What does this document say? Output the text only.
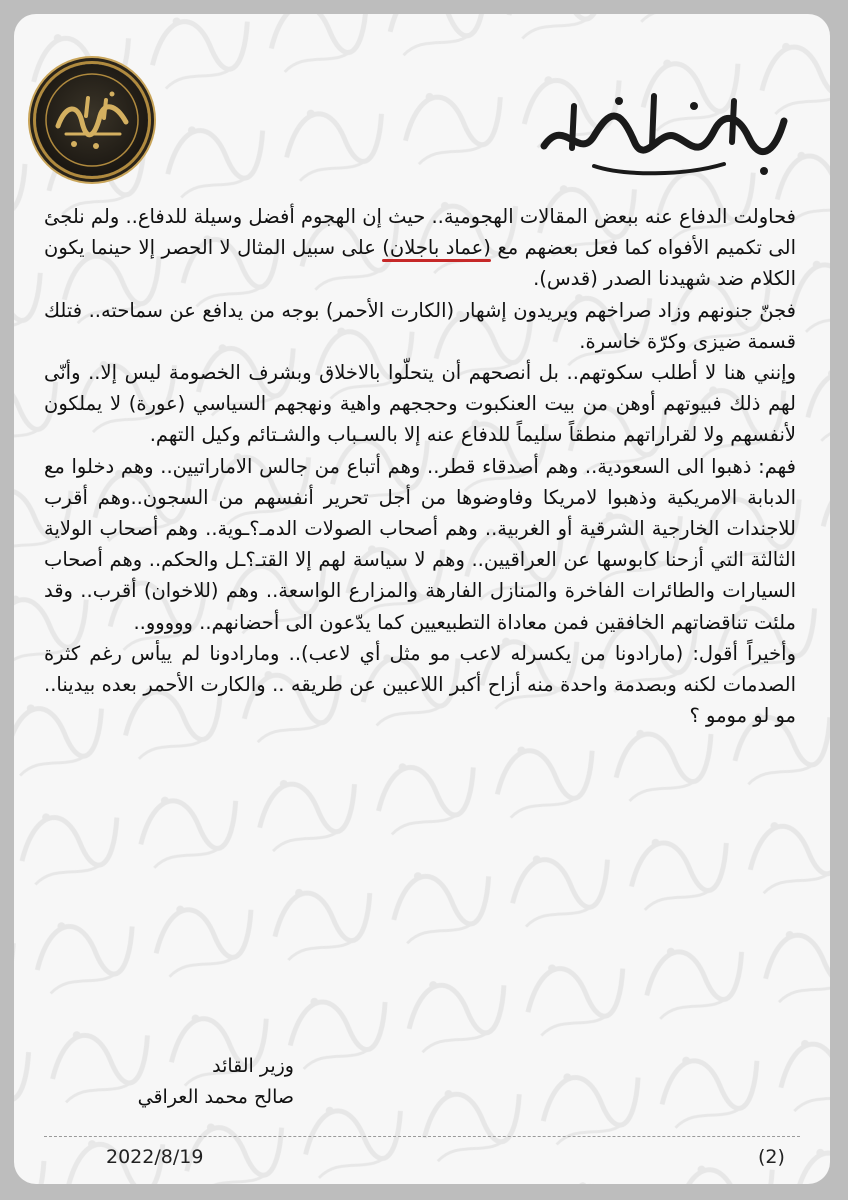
فحاولت الدفاع عنه ببعض المقالات الهجومية.. حيث إن الهجوم أفضل وسيلة للدفاع.. ولم نلجئ الى تكميم الأفواه كما فعل بعضهم مع (عماد باجلان) على سبيل المثال لا الحصر إلا حينما يكون الكلام ضد شهيدنا الصدر (قدس).

فجنّ جنونهم وزاد صراخهم ويريدون إشهار (الكارت الأحمر) بوجه من يدافع عن سماحته.. فتلك قسمة ضيزى وكرّة خاسرة.

وإنني هنا لا أطلب سكوتهم.. بل أنصحهم أن يتحلّوا بالاخلاق وبشرف الخصومة ليس إلا.. وأنّى لهم ذلك فبيوتهم أوهن من بيت العنكبوت وحججهم واهية ونهجهم السياسي (عورة) لا يملكون لأنفسهم ولا لقراراتهم منطقاً سليماً للدفاع عنه إلا بالسـباب والشـتائم وكيل التهم.

فهم: ذهبوا الى السعودية.. وهم أصدقاء قطر.. وهم أتباع من جالس الاماراتيين.. وهم دخلوا مع الدبابة الامريكية وذهبوا لامريكا وفاوضوها من أجل تحرير أنفسهم من السجون..وهم أقرب للاجندات الخارجية الشرقية أو الغربية.. وهم أصحاب الصولات الدمـ؟ـوية.. وهم أصحاب الولاية الثالثة التي أزحنا كابوسها عن العراقيين.. وهم لا سياسة لهم إلا القتـ؟ـل والحكم.. وهم أصحاب السيارات والطائرات الفاخرة والمنازل الفارهة والمزارع الواسعة.. وهم (للاخوان) أقرب.. وقد ملئت تناقضاتهم الخافقين فمن معاداة التطبيعيين كما يدّعون الى أحضانهم.. ووووو..

وأخيراً أقول: (مارادونا من يكسرله لاعب مو مثل أي لاعب).. ومارادونا لم ييأس رغم كثرة الصدمات لكنه وبصدمة واحدة منه أزاح أكبر اللاعبين عن طريقه .. والكارت الأحمر بعده بيدينا.. مو لو مومو ؟

وزير القائد
صالح محمد العراقي
2022/8/19	(2)
